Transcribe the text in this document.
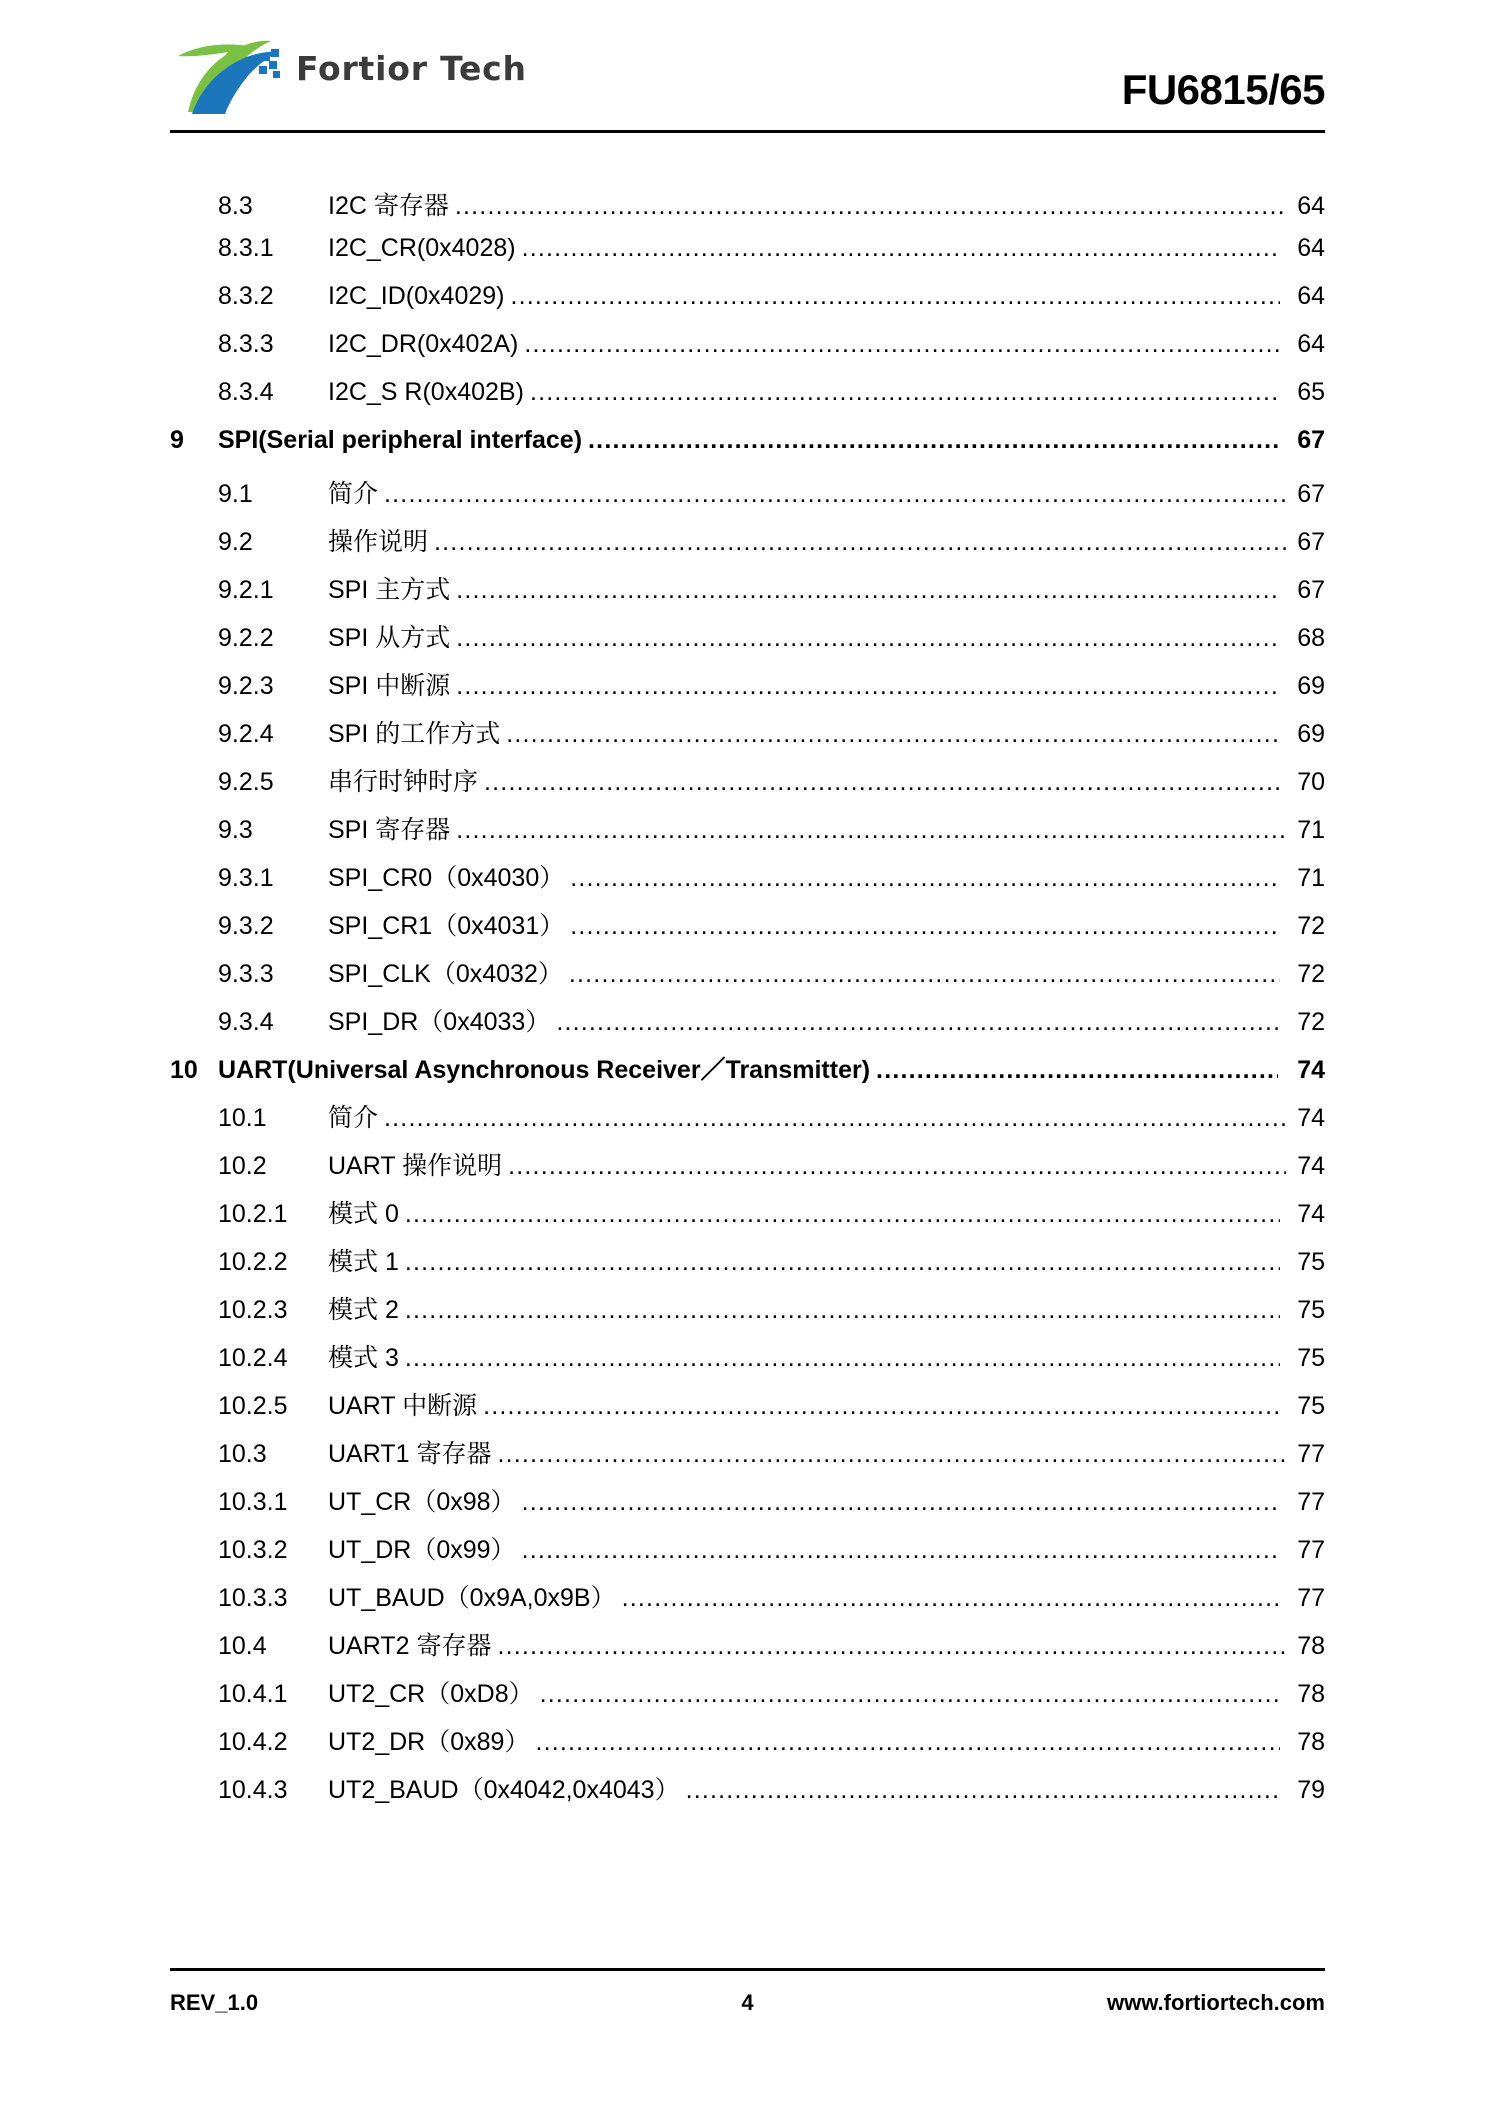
Fortior Tech	FU6815/65
8.3	I2C 寄存器 .....	64
8.3.1	I2C_CR(0x4028) .....	64
8.3.2	I2C_ID(0x4029) .....	64
8.3.3	I2C_DR(0x402A) .....	64
8.3.4	I2C_S R(0x402B) .....	65
9	SPI(Serial peripheral interface) .....	67
9.1	简介 .....	67
9.2	操作说明 .....	67
9.2.1	SPI 主方式 .....	67
9.2.2	SPI 从方式 .....	68
9.2.3	SPI 中断源 .....	69
9.2.4	SPI 的工作方式 .....	69
9.2.5	串行时钟时序 .....	70
9.3	SPI 寄存器 .....	71
9.3.1	SPI_CR0（0x4030） .....	71
9.3.2	SPI_CR1（0x4031） .....	72
9.3.3	SPI_CLK（0x4032） .....	72
9.3.4	SPI_DR（0x4033） .....	72
10 UART(Universal Asynchronous Receiver／Transmitter) .....	74
10.1	简介 .....	74
10.2	UART 操作说明 .....	74
10.2.1	模式 0 .....	74
10.2.2	模式 1 .....	75
10.2.3	模式 2 .....	75
10.2.4	模式 3 .....	75
10.2.5	UART 中断源 .....	75
10.3	UART1 寄存器 .....	77
10.3.1	UT_CR（0x98） .....	77
10.3.2	UT_DR（0x99） .....	77
10.3.3	UT_BAUD（0x9A,0x9B） .....	77
10.4	UART2 寄存器 .....	78
10.4.1	UT2_CR（0xD8） .....	78
10.4.2	UT2_DR（0x89） .....	78
10.4.3	UT2_BAUD（0x4042,0x4043） .....	79
REV_1.0	4	www.fortiortech.com
